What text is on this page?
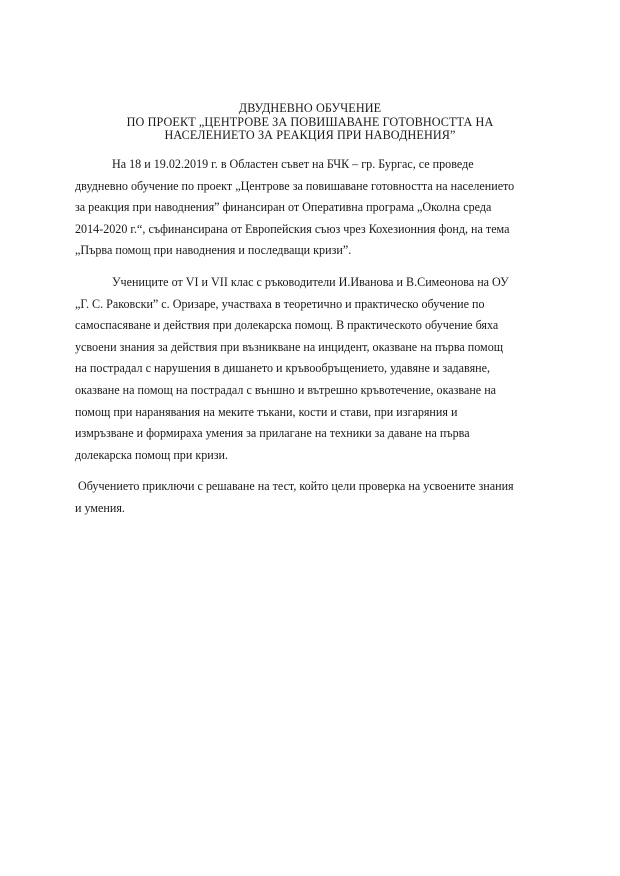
ДВУДНЕВНО ОБУЧЕНИЕ
ПО ПРОЕКТ „ЦЕНТРОВЕ ЗА ПОВИШАВАНЕ ГОТОВНОСТТА НА
НАСЕЛЕНИЕТО ЗА РЕАКЦИЯ ПРИ НАВОДНЕНИЯ”
На 18 и 19.02.2019 г. в Областен съвет на БЧК – гр. Бургас, се проведе
двудневно обучение по проект „Центрове за повишаване готовността на населението
за реакция при наводнения” финансиран от Оперативна програма „Околна среда
2014-2020 г.“, съфинансирана от Европейския съюз чрез Кохезионния фонд, на тема
„Първа помощ при наводнения и последващи кризи”.
Учениците от VI и VII клас с ръководители И.Иванова и В.Симеонова на ОУ
„Г. С. Раковски” с. Оризаре, участваха в теоретично и практическо обучение по
самоспасяване и действия при долекарска помощ. В практическото обучение бяха
усвоени знания за действия при възникване на инцидент, оказване на първа помощ
на пострадал с нарушения в дишането и кръвообръщението, удавяне и задавяне,
оказване на помощ на пострадал с външно и вътрешно кръвотечение, оказване на
помощ при наранявания на меките тъкани, кости и стави, при изгаряния и
измръзване и формираха умения за прилагане на техники за даване на първа
долекарска помощ при кризи.
Обучението приключи с решаване на тест, който цели проверка на усвоените знания
и умения.
